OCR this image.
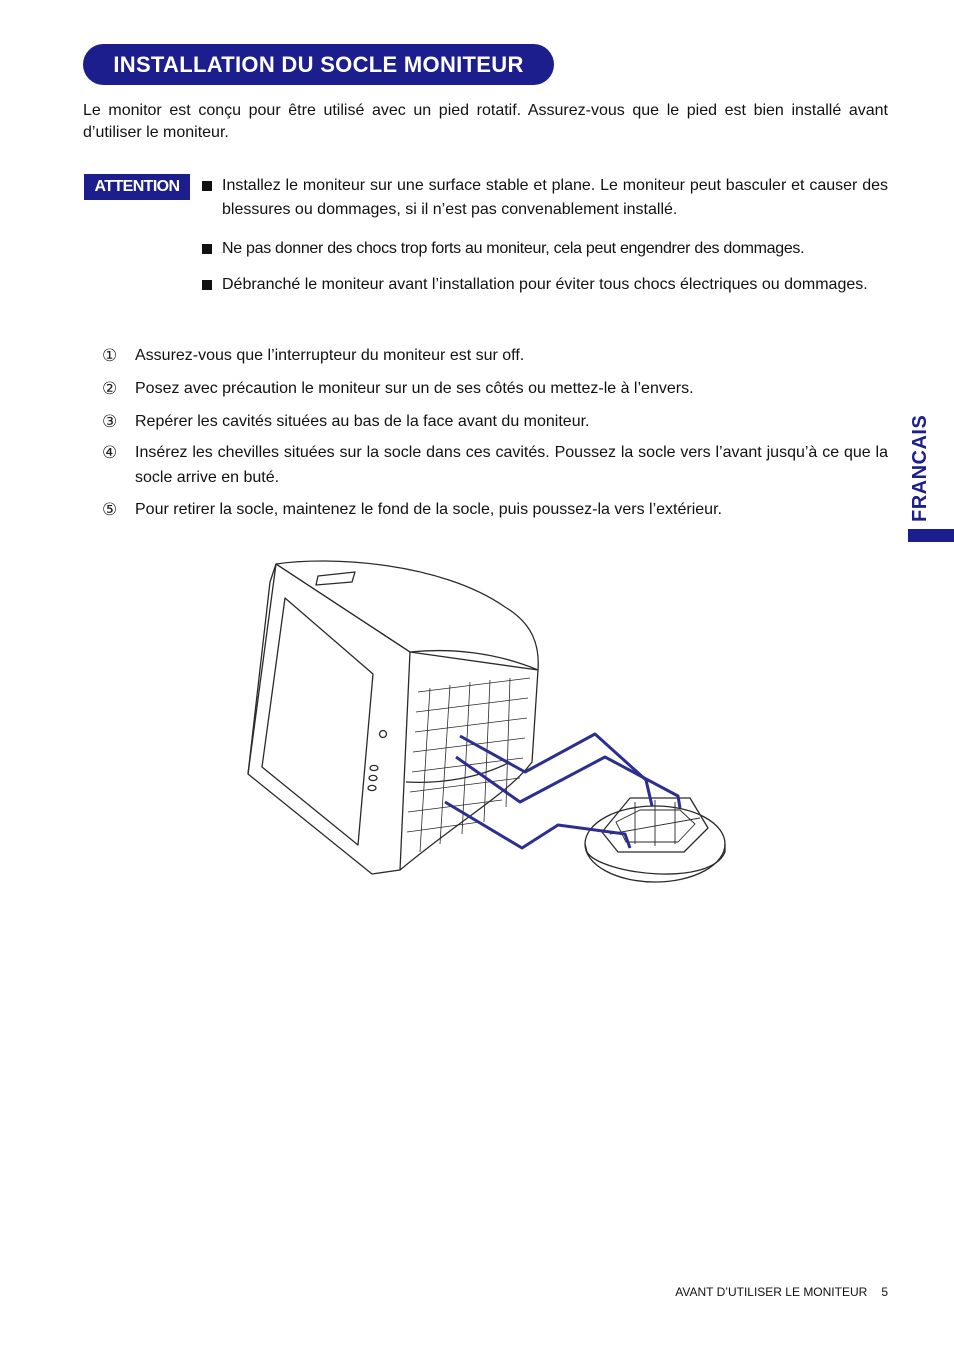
INSTALLATION DU SOCLE MONITEUR
Le monitor est conçu pour être utilisé avec un pied rotatif. Assurez-vous que le pied est bien installé avant d’utiliser le moniteur.
ATTENTION	Installez le moniteur sur une surface stable et plane. Le moniteur peut basculer et causer des blessures ou dommages, si il n’est pas convenablement installé.
Ne pas donner des chocs trop forts au moniteur, cela peut engendrer des dommages.
Débranché le moniteur avant l’installation pour éviter tous chocs électriques ou dommages.
① Assurez-vous que l’interrupteur du moniteur est sur off.
② Posez avec précaution le moniteur sur un de ses côtés ou mettez-le à l’envers.
③ Repérer les cavités situées au bas de la face avant du moniteur.
④ Insérez les chevilles situées sur la socle dans ces cavités. Poussez la socle vers l’avant jusqu’à ce que la socle arrive en buté.
⑤ Pour retirer la socle, maintenez le fond de la socle, puis poussez-la vers l’extérieur.	FRANCAIS
AVANT D’UTILISER LE MONITEUR 5
